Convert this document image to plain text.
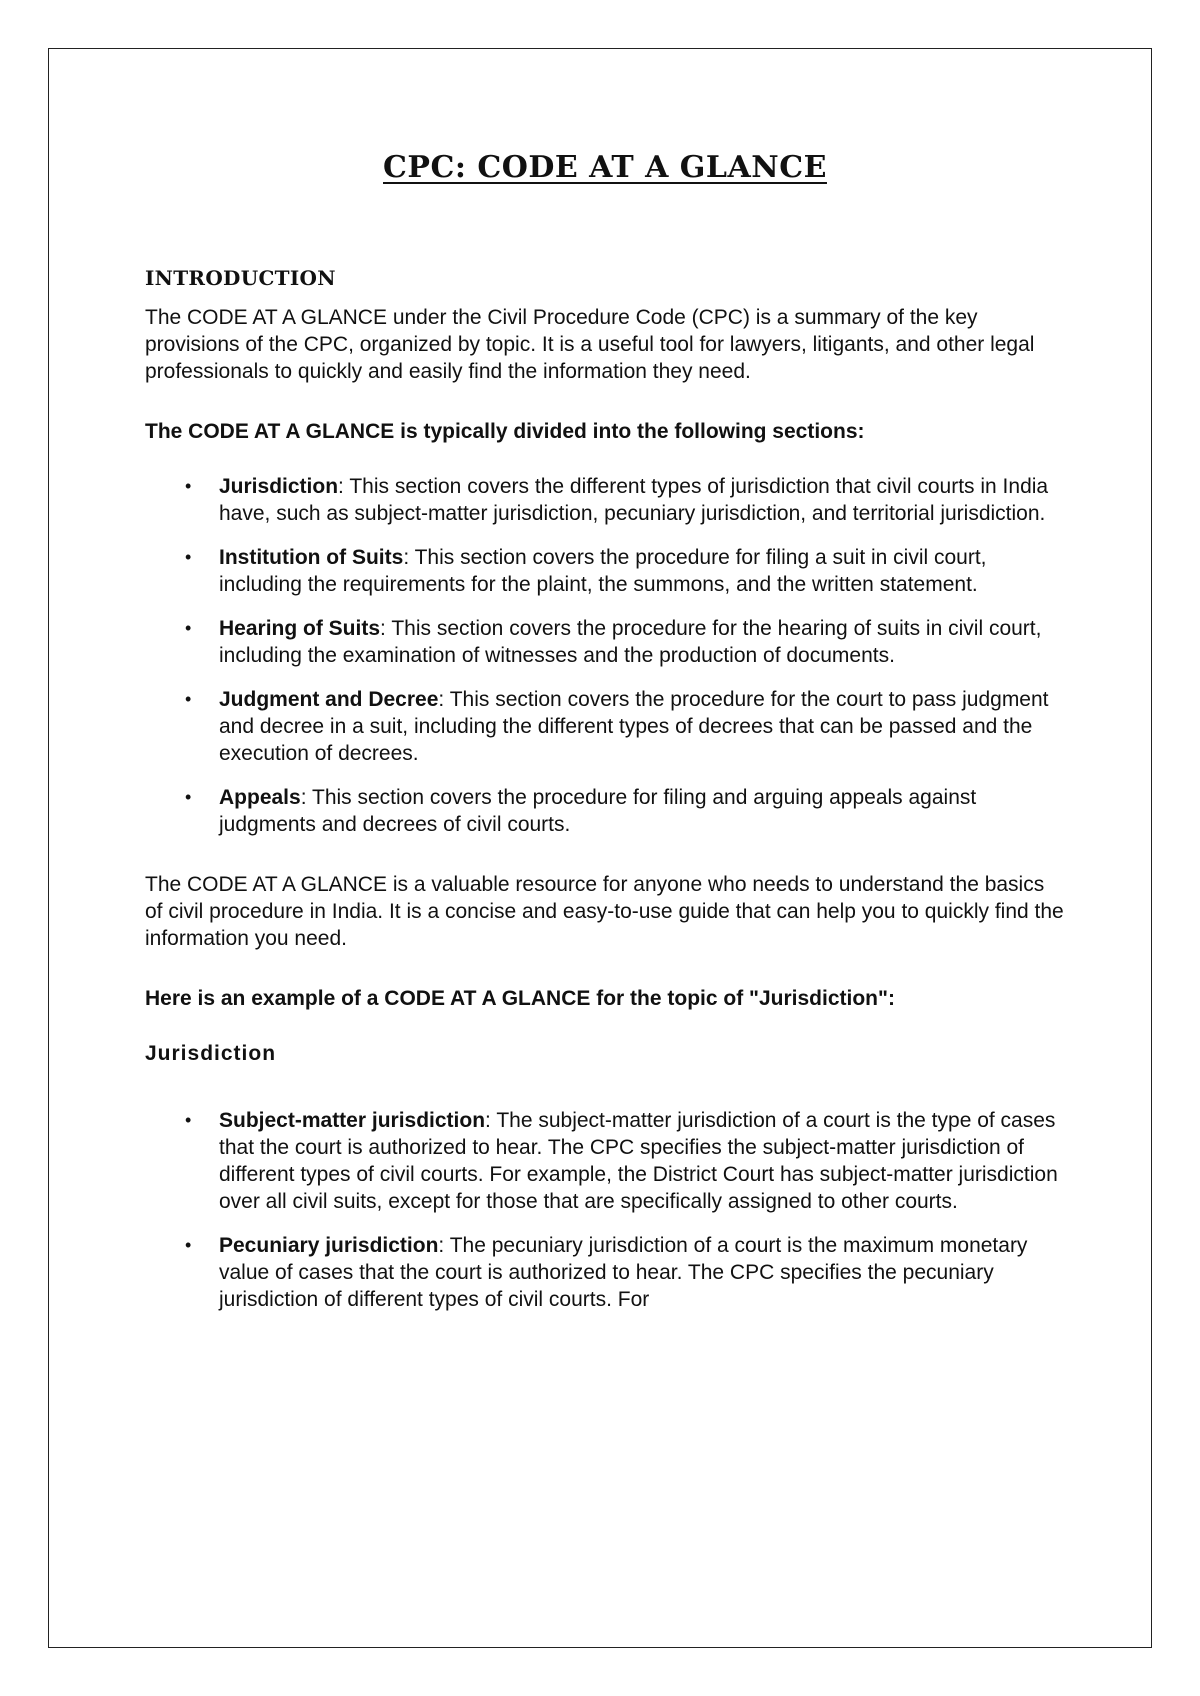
CPC: CODE AT A GLANCE
INTRODUCTION

The CODE AT A GLANCE under the Civil Procedure Code (CPC) is a summary of the key provisions of the CPC, organized by topic. It is a useful tool for lawyers, litigants, and other legal professionals to quickly and easily find the information they need.

The CODE AT A GLANCE is typically divided into the following sections:

• Jurisdiction: This section covers the different types of jurisdiction that civil courts in India have, such as subject-matter jurisdiction, pecuniary jurisdiction, and territorial jurisdiction.
• Institution of Suits: This section covers the procedure for filing a suit in civil court, including the requirements for the plaint, the summons, and the written statement.
• Hearing of Suits: This section covers the procedure for the hearing of suits in civil court, including the examination of witnesses and the production of documents.
• Judgment and Decree: This section covers the procedure for the court to pass judgment and decree in a suit, including the different types of decrees that can be passed and the execution of decrees.
• Appeals: This section covers the procedure for filing and arguing appeals against judgments and decrees of civil courts.

The CODE AT A GLANCE is a valuable resource for anyone who needs to understand the basics of civil procedure in India. It is a concise and easy-to-use guide that can help you to quickly find the information you need.

Here is an example of a CODE AT A GLANCE for the topic of "Jurisdiction":

Jurisdiction
• Subject-matter jurisdiction: The subject-matter jurisdiction of a court is the type of cases that the court is authorized to hear. The CPC specifies the subject-matter jurisdiction of different types of civil courts. For example, the District Court has subject-matter jurisdiction over all civil suits, except for those that are specifically assigned to other courts.
• Pecuniary jurisdiction: The pecuniary jurisdiction of a court is the maximum monetary value of cases that the court is authorized to hear. The CPC specifies the pecuniary jurisdiction of different types of civil courts. For
